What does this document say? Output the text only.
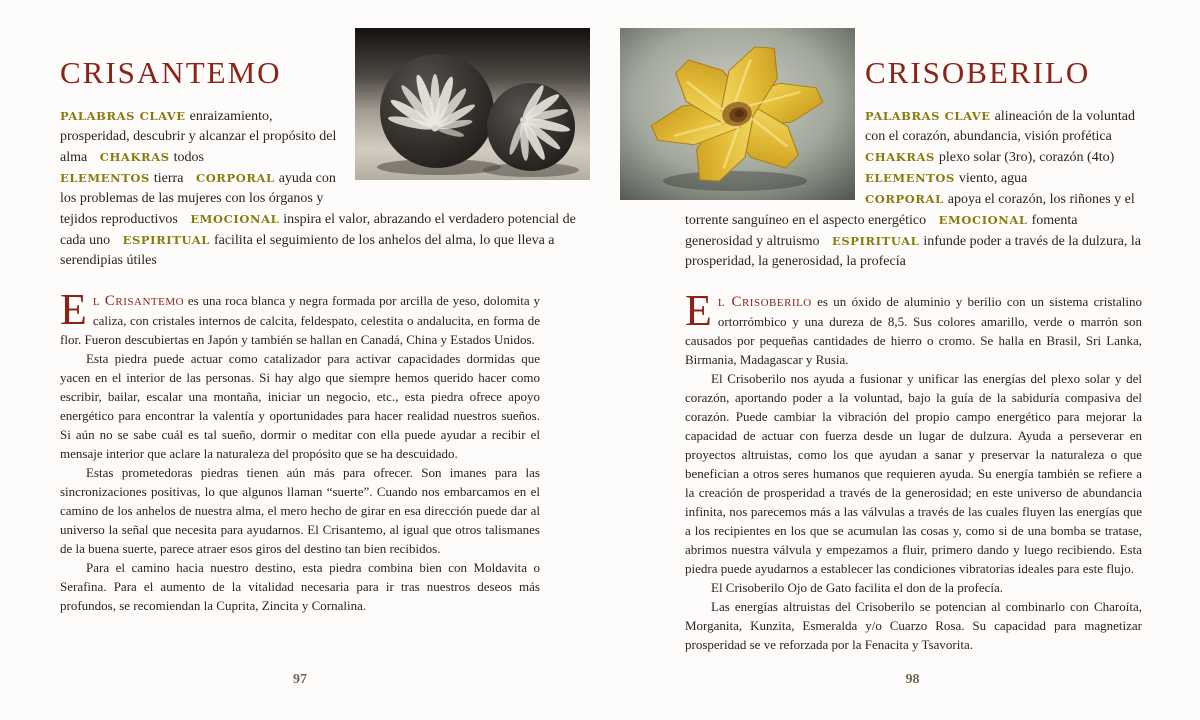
CRISANTEMO

PALABRAS CLAVE enraizamiento, prosperidad, descubrir y alcanzar el propósito del alma CHAKRAS todos ELEMENTOS tierra CORPORAL ayuda con los problemas de las mujeres con los órganos y tejidos reproductivos EMOCIONAL inspira el valor, abrazando el verdadero potencial de cada uno ESPIRITUAL facilita el seguimiento de los anhelos del alma, lo que lleva a serendipias útiles

El Crisantemo es una roca blanca y negra formada por arcilla de yeso, dolomita y caliza, con cristales internos de calcita, feldespato, celestita o andalucita, en forma de flor. Fueron descubiertas en Japón y también se hallan en Canadá, China y Estados Unidos.

Esta piedra puede actuar como catalizador para activar capacidades dormidas que yacen en el interior de las personas. Si hay algo que siempre hemos querido hacer como escribir, bailar, escalar una montaña, iniciar un negocio, etc., esta piedra ofrece apoyo energético para encontrar la valentía y oportunidades para hacer realidad nuestros sueños. Si aún no se sabe cuál es tal sueño, dormir o meditar con ella puede ayudar a recibir el mensaje interior que aclare la naturaleza del propósito que se ha descuidado.

Estas prometedoras piedras tienen aún más para ofrecer. Son imanes para las sincronizaciones positivas, lo que algunos llaman “suerte”. Cuando nos embarcamos en el camino de los anhelos de nuestra alma, el mero hecho de girar en esa dirección puede dar al universo la señal que necesita para ayudarnos. El Crisantemo, al igual que otros talismanes de la buena suerte, parece atraer esos giros del destino tan bien recibidos.

Para el camino hacia nuestro destino, esta piedra combina bien con Moldavita o Serafina. Para el aumento de la vitalidad necesaria para ir tras nuestros deseos más profundos, se recomiendan la Cuprita, Zincita y Cornalina.

97
CRISOBERILO

PALABRAS CLAVE alineación de la voluntad con el corazón, abundancia, visión profética CHAKRAS plexo solar (3ro), corazón (4to) ELEMENTOS viento, agua CORPORAL apoya el corazón, los riñones y el torrente sanguíneo en el aspecto energético EMOCIONAL fomenta generosidad y altruismo ESPIRITUAL infunde poder a través de la dulzura, la prosperidad, la generosidad, la profecía

El Crisoberilo es un óxido de aluminio y berilio con un sistema cristalino ortorrómbico y una dureza de 8,5. Sus colores amarillo, verde o marrón son causados por pequeñas cantidades de hierro o cromo. Se halla en Brasil, Sri Lanka, Birmania, Madagascar y Rusia.

El Crisoberilo nos ayuda a fusionar y unificar las energías del plexo solar y del corazón, aportando poder a la voluntad, bajo la guía de la sabiduría compasiva del corazón. Puede cambiar la vibración del propio campo energético para mejorar la capacidad de actuar con fuerza desde un lugar de dulzura. Ayuda a perseverar en proyectos altruistas, como los que ayudan a sanar y preservar la naturaleza o que benefician a otros seres humanos que requieren ayuda. Su energía también se refiere a la creación de prosperidad a través de la generosidad; en este universo de abundancia infinita, nos parecemos más a las válvulas a través de las cuales fluyen las energías que a los recipientes en los que se acumulan las cosas y, como si de una bomba se tratase, abrimos nuestra válvula y empezamos a fluir, primero dando y luego recibiendo. Esta piedra puede ayudarnos a establecer las condiciones vibratorias ideales para este flujo.

El Crisoberilo Ojo de Gato facilita el don de la profecía.

Las energías altruistas del Crisoberilo se potencian al combinarlo con Charoíta, Morganita, Kunzita, Esmeralda y/o Cuarzo Rosa. Su capacidad para magnetizar prosperidad se ve reforzada por la Fenacita y Tsavorita.

98
